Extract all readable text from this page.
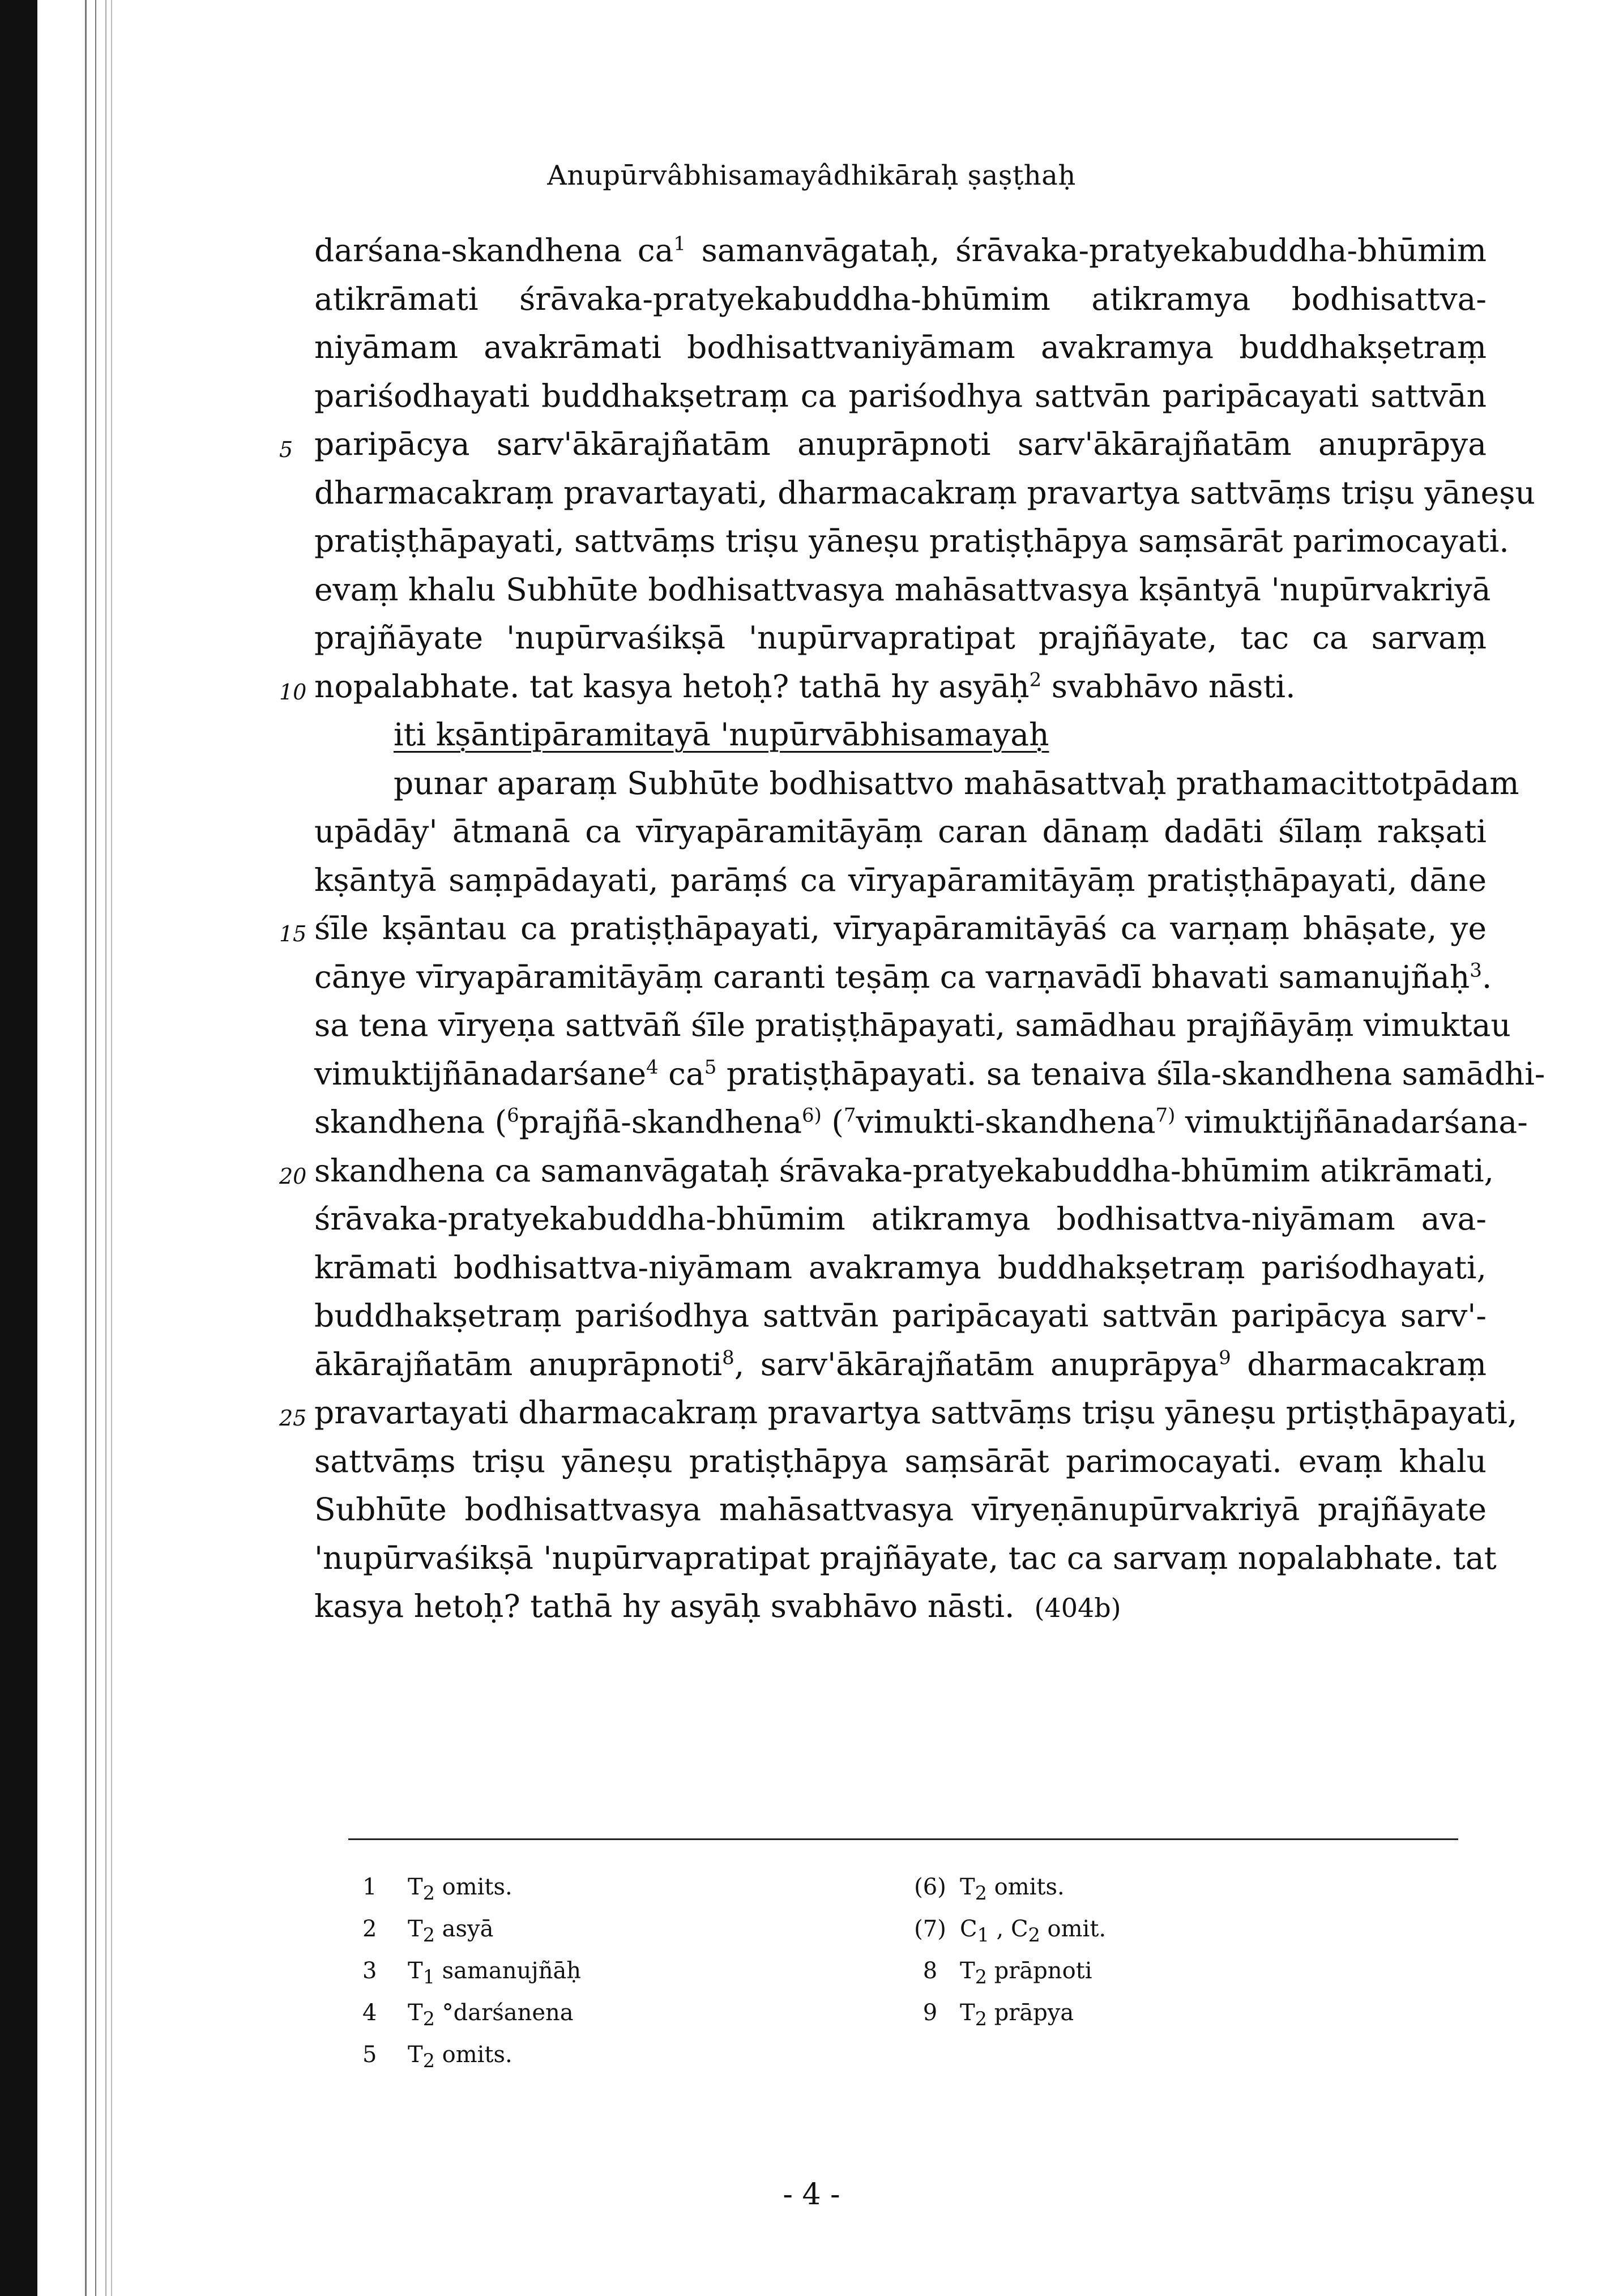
Anupūrvâbhisamayâdhikāraḥ ṣaṣṭhaḥ
darśana-skandhena $ca^1$ samanvāgataḥ, śrāvaka-pratyekabuddha-bhūmim
atikrāmati śrāvaka-pratyekabuddha-bhūmim atikramya bodhisattva-
niyāmam avakrāmati bodhisattvaniyāmam avakramya buddhakṣetraṃ
pariśodhayati buddhakṣetraṃ ca pariśodhya sattvān paripācayati sattvān
5 paripācya sarv'ākārajñatām anuprāpnoti sarv'ākārajñatām anuprāpya
dharmacakraṃ pravartayati, dharmacakraṃ pravartya sattvāṃs triṣu yāneṣu
pratiṣṭhāpayati, sattvāṃs triṣu yāneṣu pratiṣṭhāpya saṃsārāt parimocayati.
evaṃ khalu Subhūte bodhisattvasya mahāsattvasya kṣāntyā 'nupūrvakriyā
prajñāyate 'nupūrvaśikṣā 'nupūrvapratipat prajñāyate, tac ca sarvaṃ
10 nopalabhate. tat kasya hetoḥ? tathā hy asyāḥ$^2$ svabhāvo nāsti.
iti kṣāntipāramitayā 'nupūrvābhisamayaḥ
punar aparaṃ Subhūte bodhisattvo mahāsattvaḥ prathamacittotpādam
upādāy' ātmanā ca vīryapāramitāyāṃ caran dānaṃ dadāti śīlaṃ rakṣati
kṣāntyā saṃpādayati, parāṃś ca vīryapāramitāyāṃ pratiṣṭhāpayati, dāne
15 śīle kṣāntau ca pratiṣṭhāpayati, vīryapāramitāyāś ca varṇaṃ bhāṣate, ye
cānye vīryapāramitāyāṃ caranti teṣāṃ ca varṇavādī bhavati samanujñaḥ$^3$.
sa tena vīryeṇa sattvāñ śīle pratiṣṭhāpayati, samādhau prajñāyāṃ vimuktau
vimuktijñānadarśane$^4$ $ca^5$ pratiṣṭhāpayati. sa tenaiva śīla-skandhena samādhi-
skandhena ($^6$prajñā-skandhena$^{6)}$ ($^7$vimukti-skandhena$^{7)}$ vimuktijñānadarśana-
20 skandhena ca samanvāgataḥ śrāvaka-pratyekabuddha-bhūmim atikrāmati,
śrāvaka-pratyekabuddha-bhūmim atikramya bodhisattva-niyāmam ava-
krāmati bodhisattva-niyāmam avakramya buddhakṣetraṃ pariśodhayati,
buddhakṣetraṃ pariśodhya sattvān paripācayati sattvān paripācya sarv'-
ākārajñatām anuprāpnoti$^8$, sarv'ākārajñatām anuprāpya$^9$ dharmacakraṃ
25 pravartayati dharmacakraṃ pravartya sattvāṃs triṣu yāneṣu prtiṣṭhāpayati,
sattvāṃs triṣu yāneṣu pratiṣṭhāpya saṃsārāt parimocayati. evaṃ khalu
Subhūte bodhisattvasya mahāsattvasya vīryeṇānupūrvakriyā prajñāyate
'nupūrvaśikṣā 'nupūrvapratipat prajñāyate, tac ca sarvaṃ nopalabhate. tat
kasya hetoḥ? tathā hy asyāḥ svabhāvo nāsti. (404b)
1 $T_2$ omits.
2 $T_2$ asyā
3 $T_1$ samanujñāḥ
4 $T_2$ °darśanena
5 $T_2$ omits.
(6) $T_2$ omits.
(7) $C_1$ , $C_2$ omit.
8 $T_2$ prāpnoti
9 $T_2$ prāpya
- 4 -
